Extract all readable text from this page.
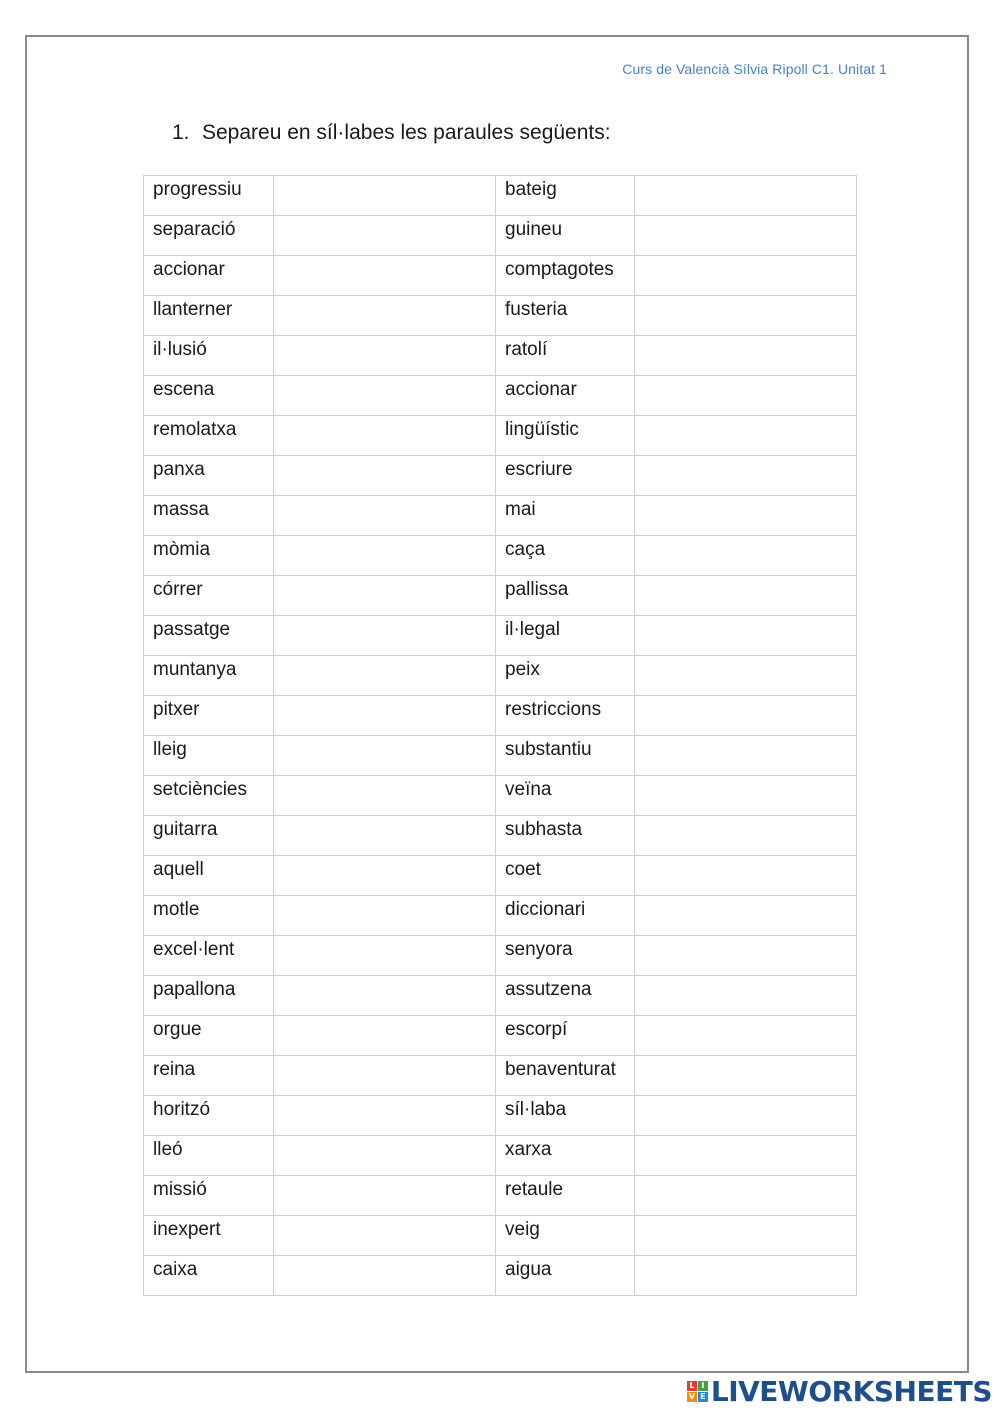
Curs de Valencià Sílvia Ripoll C1. Unitat 1
1. Separeu en síl·labes les paraules següents:
progressiu		bateig	
separació		guineu	
accionar		comptagotes	
llanterner		fusteria	
il·lusió		ratolí	
escena		accionar	
remolatxa		lingüístic	
panxa		escriure	
massa		mai	
mòmia		caça	
córrer		pallissa	
passatge		il·legal	
muntanya		peix	
pitxer		restriccions	
lleig		substantiu	
setciències		veïna	
guitarra		subhasta	
aquell		coet	
motle		diccionari	
excel·lent		senyora	
papallona		assutzena	
orgue		escorpí	
reina		benaventurat	
horitzó		síl·laba	
lleó		xarxa	
missió		retaule	
inexpert		veig	
caixa		aigua	
L I
V E LIVEWORKSHEETS
